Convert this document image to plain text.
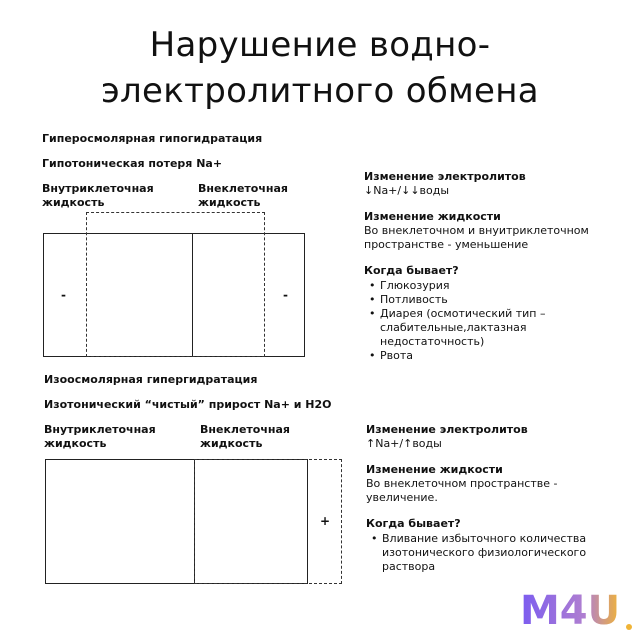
Нарушение водно-
электролитного обмена
Гиперосмолярная гипогидратация
Гипотоническая потеря Na+
Внутриклеточная
жидкость
Внеклеточная
жидкость
-	-
Изменение электролитов
↓Na+/↓↓воды
Изменение жидкости
Во внеклеточном и внуитриклеточном
пространстве - уменьшение
Когда бывает?
• Глюкозурия
• Потливость
• Диарея (осмотический тип –
слабительные,лактазная
недостаточность)
• Рвота
Изоосмолярная гипергидратация
Изотонический “чистый” прирост Na+ и H2O
Внутриклеточная
жидкость
Внеклеточная
жидкость
+
Изменение электролитов
↑Na+/↑воды
Изменение жидкости
Во внеклеточном пространстве -
увеличение.
Когда бывает?
• Вливание избыточного количества
изотонического физиологического
раствора
M4U
